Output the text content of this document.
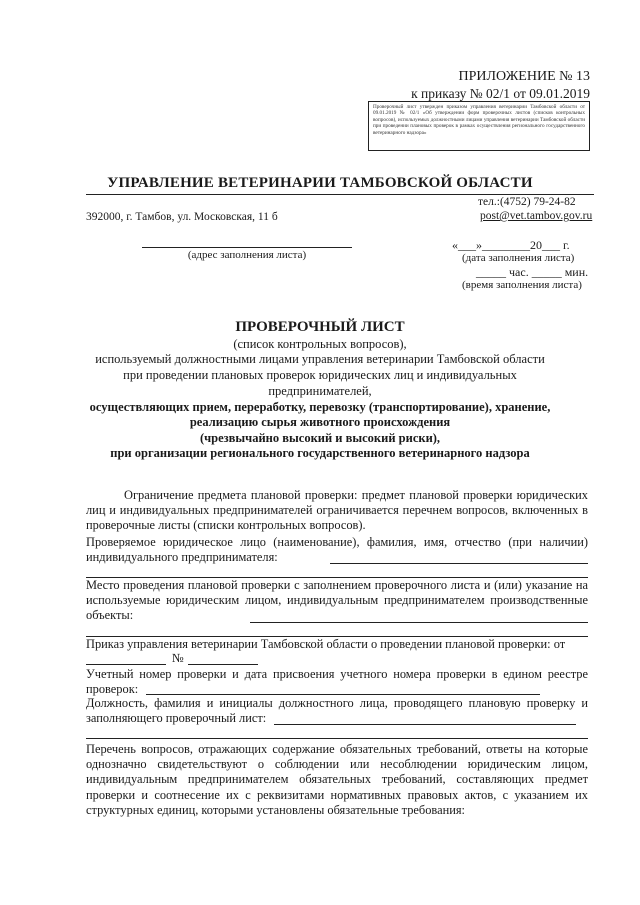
ПРИЛОЖЕНИЕ № 13
к приказу № 02/1 от 09.01.2019
Проверочный лист утвержден приказом управления ветеринарии Тамбовской области от 09.01.2019 № 02/1 «Об утверждении форм проверочных листов (списков контрольных вопросов), используемых должностными лицами управления ветеринарии Тамбовской области при проведении плановых проверок в рамках осуществления регионального государственного ветеринарного надзора»
УПРАВЛЕНИЕ ВЕТЕРИНАРИИ ТАМБОВСКОЙ ОБЛАСТИ
тел.:(4752) 79-24-82
392000, г. Тамбов, ул. Московская, 11 б	post@vet.tambov.gov.ru
(адрес заполнения листа)
«___»________20___ г.
(дата заполнения листа)
_____ час. _____ мин.
(время заполнения листа)
ПРОВЕРОЧНЫЙ ЛИСТ
(список контрольных вопросов),
используемый должностными лицами управления ветеринарии Тамбовской области
при проведении плановых проверок юридических лиц и индивидуальных
предпринимателей,
осуществляющих прием, переработку, перевозку (транспортирование), хранение,
реализацию сырья животного происхождения
(чрезвычайно высокий и высокий риски),
при организации регионального государственного ветеринарного надзора
Ограничение предмета плановой проверки: предмет плановой проверки юридических лиц и индивидуальных предпринимателей ограничивается перечнем вопросов, включенных в проверочные листы (списки контрольных вопросов).
Проверяемое юридическое лицо (наименование), фамилия, имя, отчество (при наличии) индивидуального предпринимателя:
Место проведения плановой проверки с заполнением проверочного листа и (или) указание на используемые юридическим лицом, индивидуальным предпринимателем производственные объекты:
Приказ управления ветеринарии Тамбовской области о проведении плановой проверки: от
№
Учетный номер проверки и дата присвоения учетного номера проверки в едином реестре проверок:
Должность, фамилия и инициалы должностного лица, проводящего плановую проверку и заполняющего проверочный лист:
Перечень вопросов, отражающих содержание обязательных требований, ответы на которые однозначно свидетельствуют о соблюдении или несоблюдении юридическим лицом, индивидуальным предпринимателем обязательных требований, составляющих предмет проверки и соотнесение их с реквизитами нормативных правовых актов, с указанием их структурных единиц, которыми установлены обязательные требования:
